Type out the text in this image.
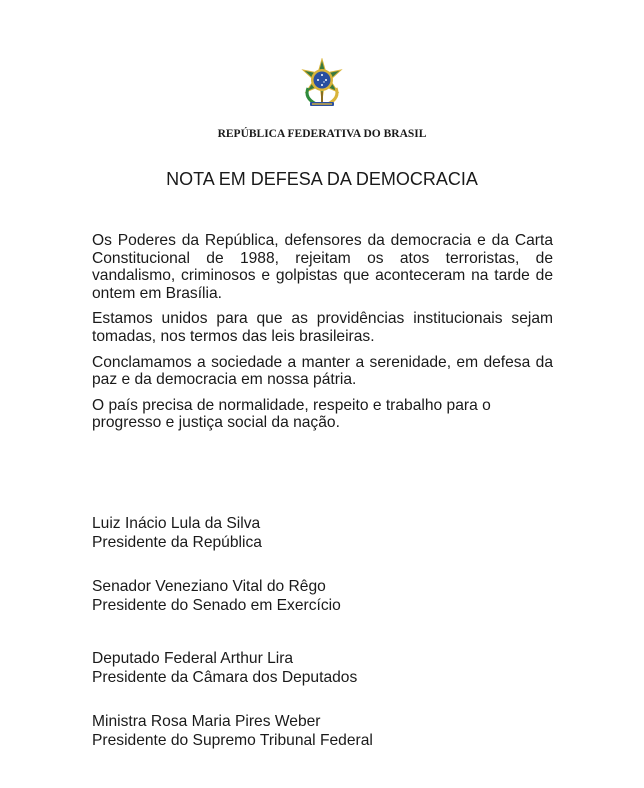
REPÚBLICA FEDERATIVA DO BRASIL
NOTA EM DEFESA DA DEMOCRACIA

Os Poderes da República, defensores da democracia e da Carta Constitucional de 1988, rejeitam os atos terroristas, de vandalismo, criminosos e golpistas que aconteceram na tarde de ontem em Brasília.

Estamos unidos para que as providências institucionais sejam tomadas, nos termos das leis brasileiras.

Conclamamos a sociedade a manter a serenidade, em defesa da paz e da democracia em nossa pátria.

O país precisa de normalidade, respeito e trabalho para o progresso e justiça social da nação.

Luiz Inácio Lula da Silva
Presidente da República
Senador Veneziano Vital do Rêgo
Presidente do Senado em Exercício
Deputado Federal Arthur Lira
Presidente da Câmara dos Deputados
Ministra Rosa Maria Pires Weber
Presidente do Supremo Tribunal Federal
